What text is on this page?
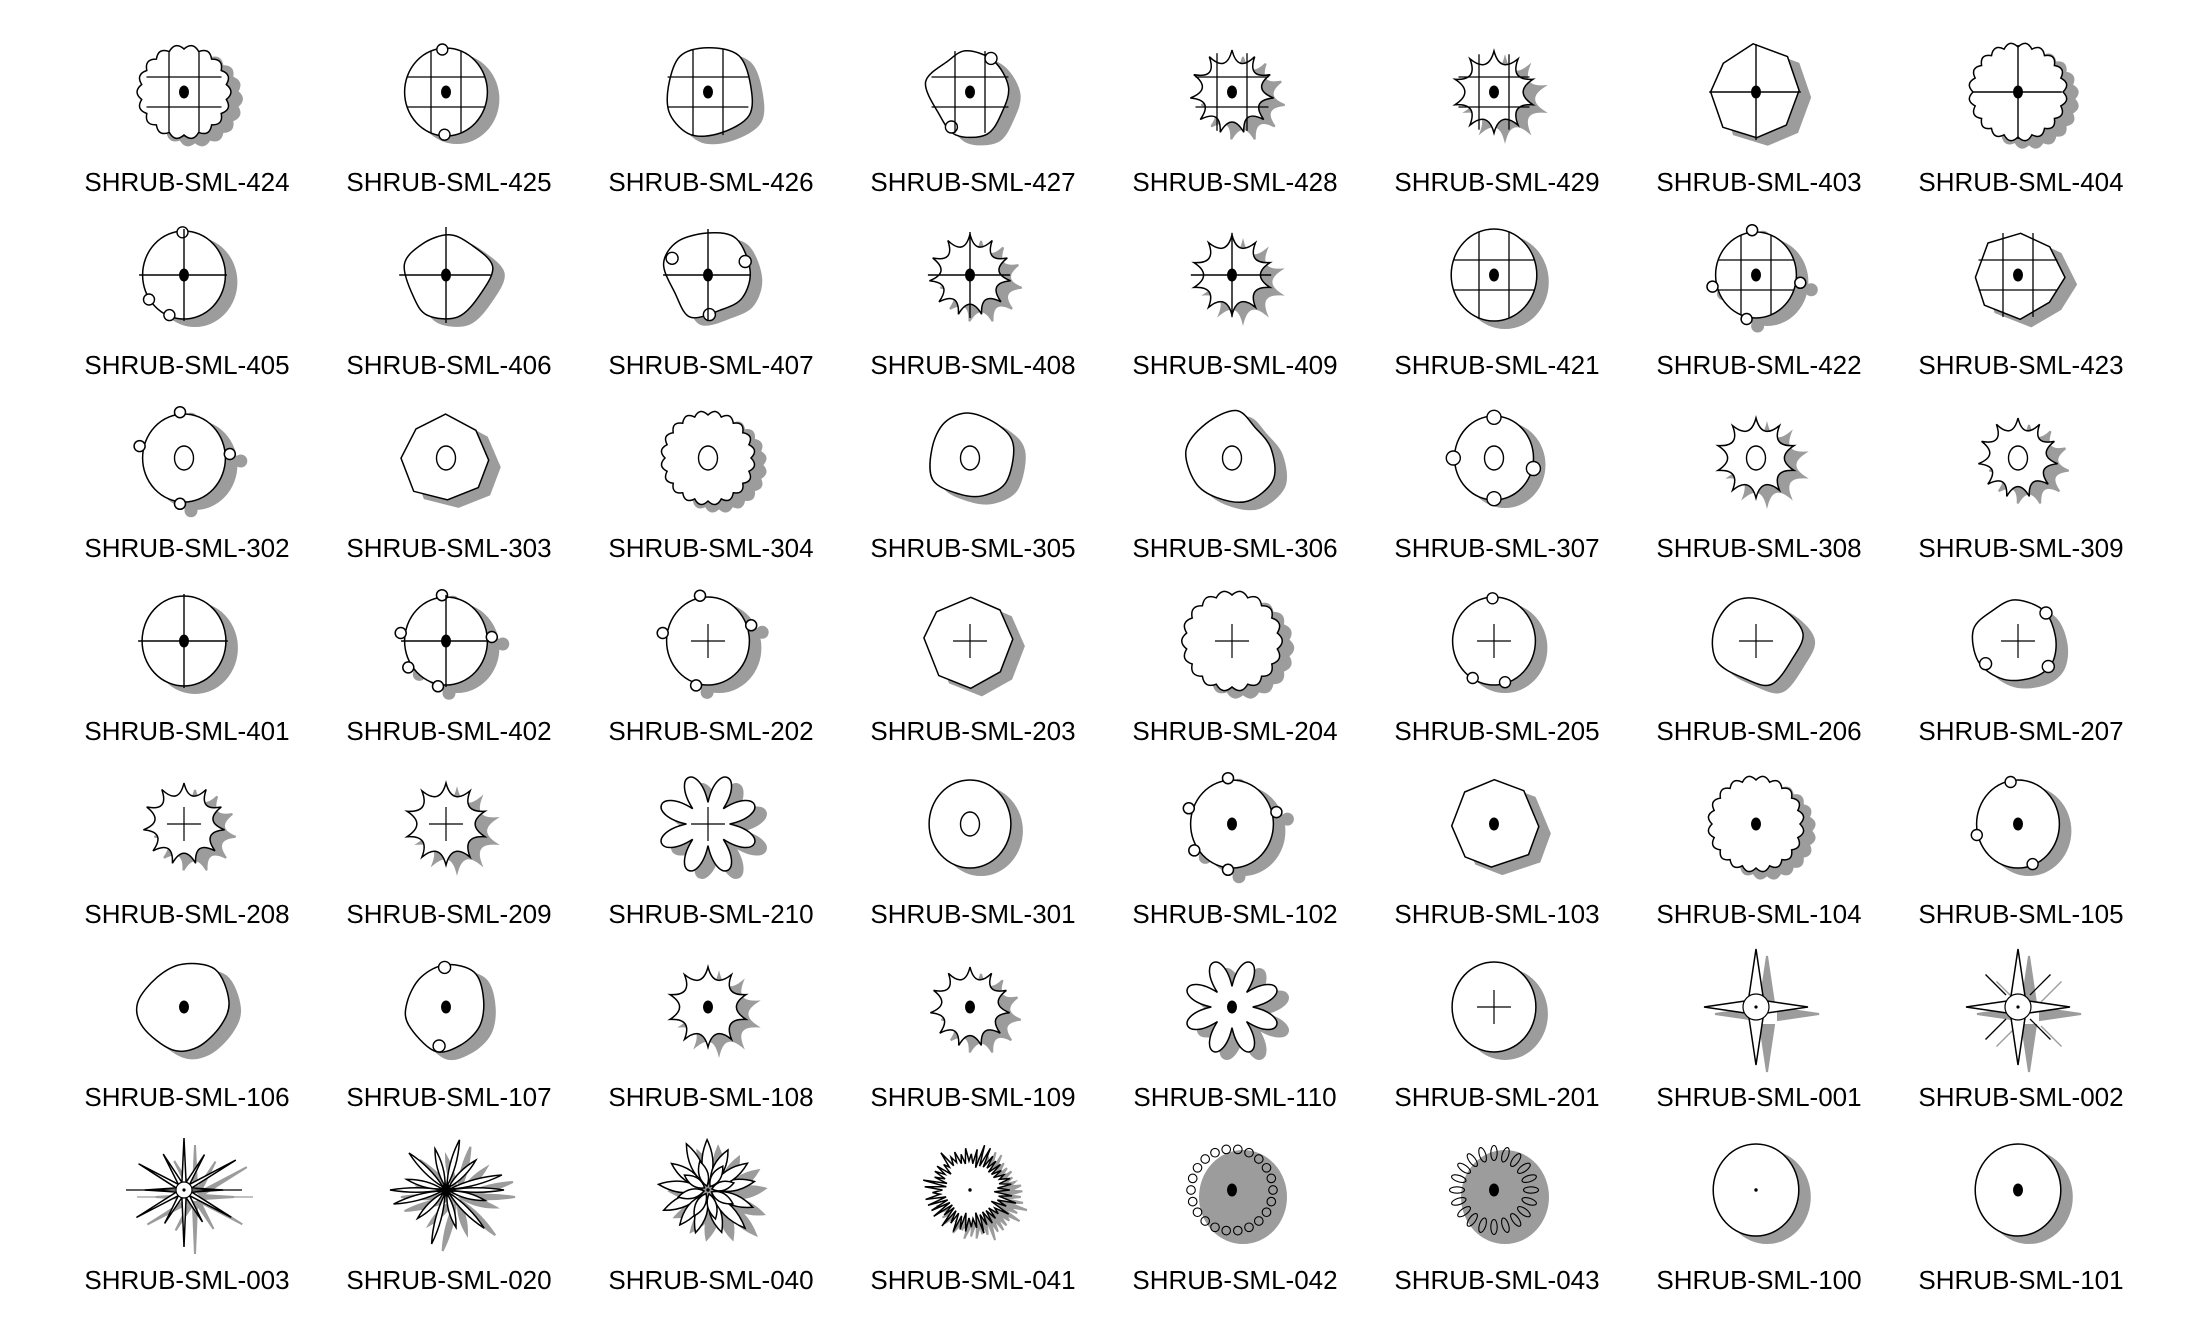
SHRUB-SML-424 SHRUB-SML-425 SHRUB-SML-426 SHRUB-SML-427 SHRUB-SML-428 SHRUB-SML-429 SHRUB-SML-403 SHRUB-SML-404
SHRUB-SML-405 SHRUB-SML-406 SHRUB-SML-407 SHRUB-SML-408 SHRUB-SML-409 SHRUB-SML-421 SHRUB-SML-422 SHRUB-SML-423
SHRUB-SML-302 SHRUB-SML-303 SHRUB-SML-304 SHRUB-SML-305 SHRUB-SML-306 SHRUB-SML-307 SHRUB-SML-308 SHRUB-SML-309
SHRUB-SML-401 SHRUB-SML-402 SHRUB-SML-202 SHRUB-SML-203 SHRUB-SML-204 SHRUB-SML-205 SHRUB-SML-206 SHRUB-SML-207
SHRUB-SML-208 SHRUB-SML-209 SHRUB-SML-210 SHRUB-SML-301 SHRUB-SML-102 SHRUB-SML-103 SHRUB-SML-104 SHRUB-SML-105
SHRUB-SML-106 SHRUB-SML-107 SHRUB-SML-108 SHRUB-SML-109 SHRUB-SML-110 SHRUB-SML-201 SHRUB-SML-001 SHRUB-SML-002
SHRUB-SML-003 SHRUB-SML-020 SHRUB-SML-040 SHRUB-SML-041 SHRUB-SML-042 SHRUB-SML-043 SHRUB-SML-100 SHRUB-SML-101
